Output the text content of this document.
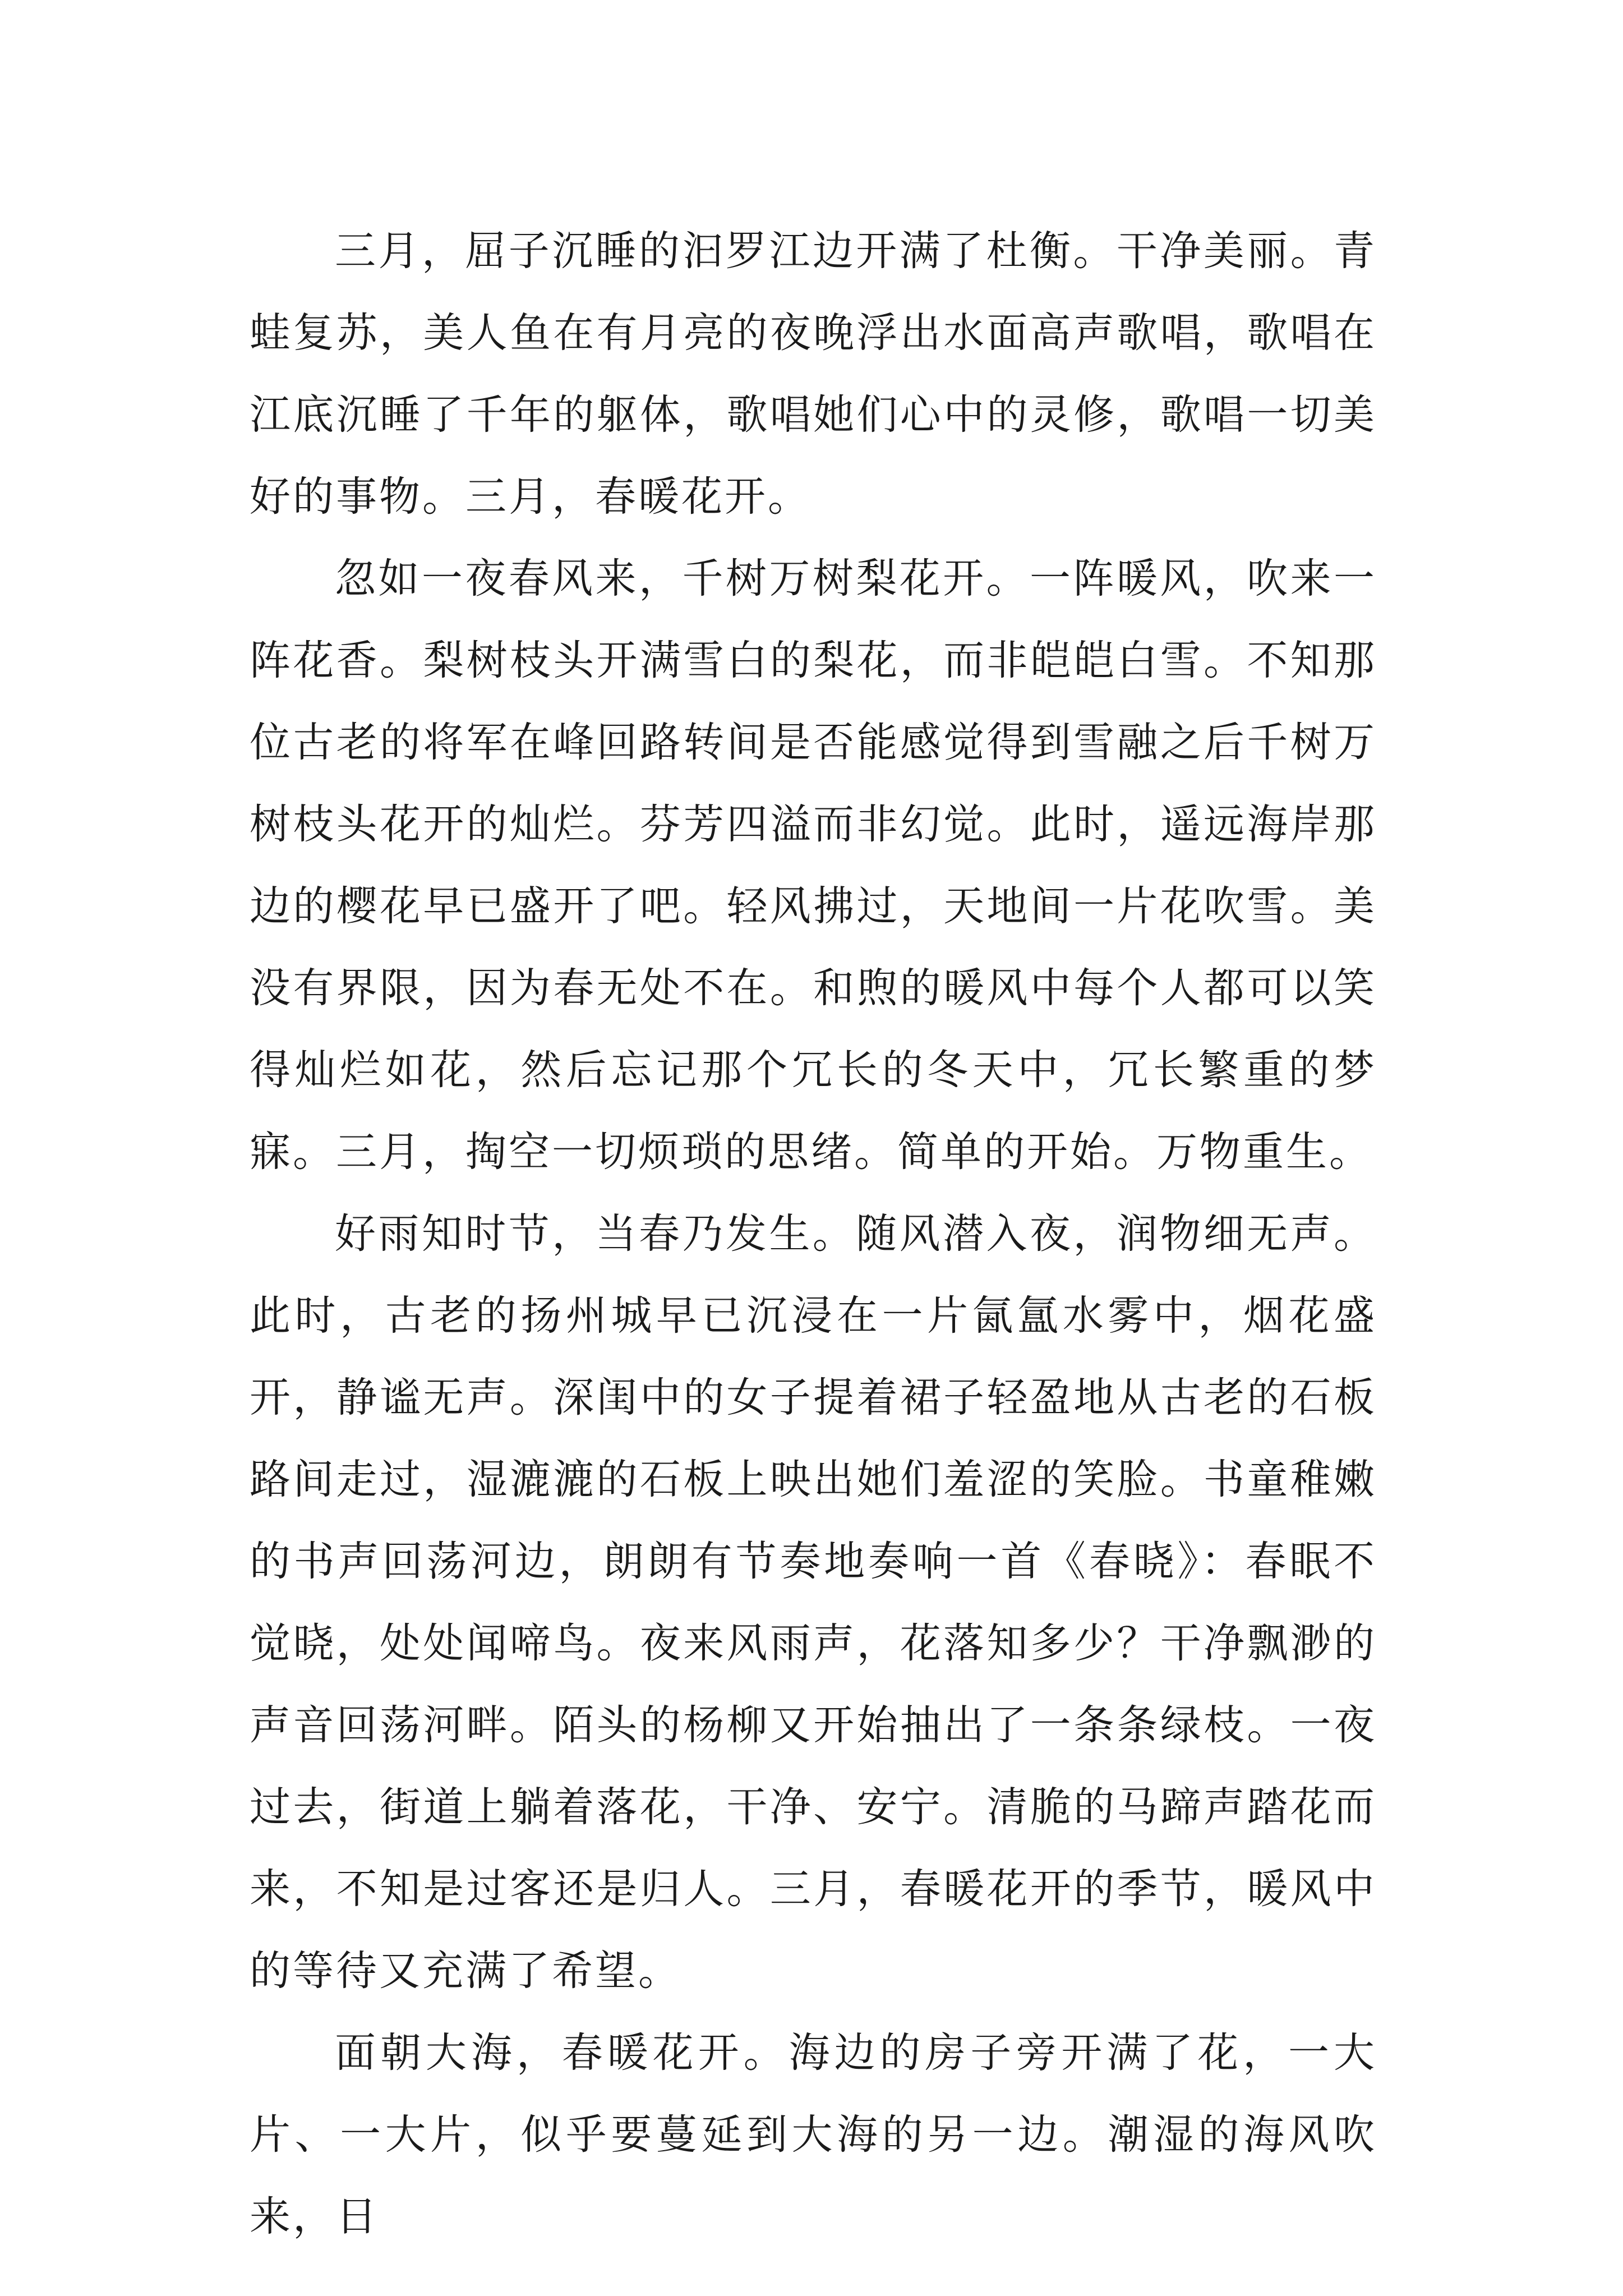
三月，屈子沉睡的汩罗江边开满了杜衡。干净美丽。青蛙复苏，美人鱼在有月亮的夜晚浮出水面高声歌唱，歌唱在江底沉睡了千年的躯体，歌唱她们心中的灵修，歌唱一切美好的事物。三月，春暖花开。

忽如一夜春风来，千树万树梨花开。一阵暖风，吹来一阵花香。梨树枝头开满雪白的梨花，而非皑皑白雪。不知那位古老的将军在峰回路转间是否能感觉得到雪融之后千树万树枝头花开的灿烂。芬芳四溢而非幻觉。此时，遥远海岸那边的樱花早已盛开了吧。轻风拂过，天地间一片花吹雪。美没有界限，因为春无处不在。和煦的暖风中每个人都可以笑得灿烂如花，然后忘记那个冗长的冬天中，冗长繁重的梦寐。三月，掏空一切烦琐的思绪。简单的开始。万物重生。

好雨知时节，当春乃发生。随风潜入夜，润物细无声。此时，古老的扬州城早已沉浸在一片氤氲水雾中，烟花盛开，静谧无声。深闺中的女子提着裙子轻盈地从古老的石板路间走过，湿漉漉的石板上映出她们羞涩的笑脸。书童稚嫩的书声回荡河边，朗朗有节奏地奏响一首《春晓》：春眠不觉晓，处处闻啼鸟。夜来风雨声，花落知多少？干净飘渺的声音回荡河畔。陌头的杨柳又开始抽出了一条条绿枝。一夜过去，街道上躺着落花，干净、安宁。清脆的马蹄声踏花而来，不知是过客还是归人。三月，春暖花开的季节，暖风中的等待又充满了希望。

面朝大海，春暖花开。海边的房子旁开满了花，一大片、一大片，似乎要蔓延到大海的另一边。潮湿的海风吹来，日
